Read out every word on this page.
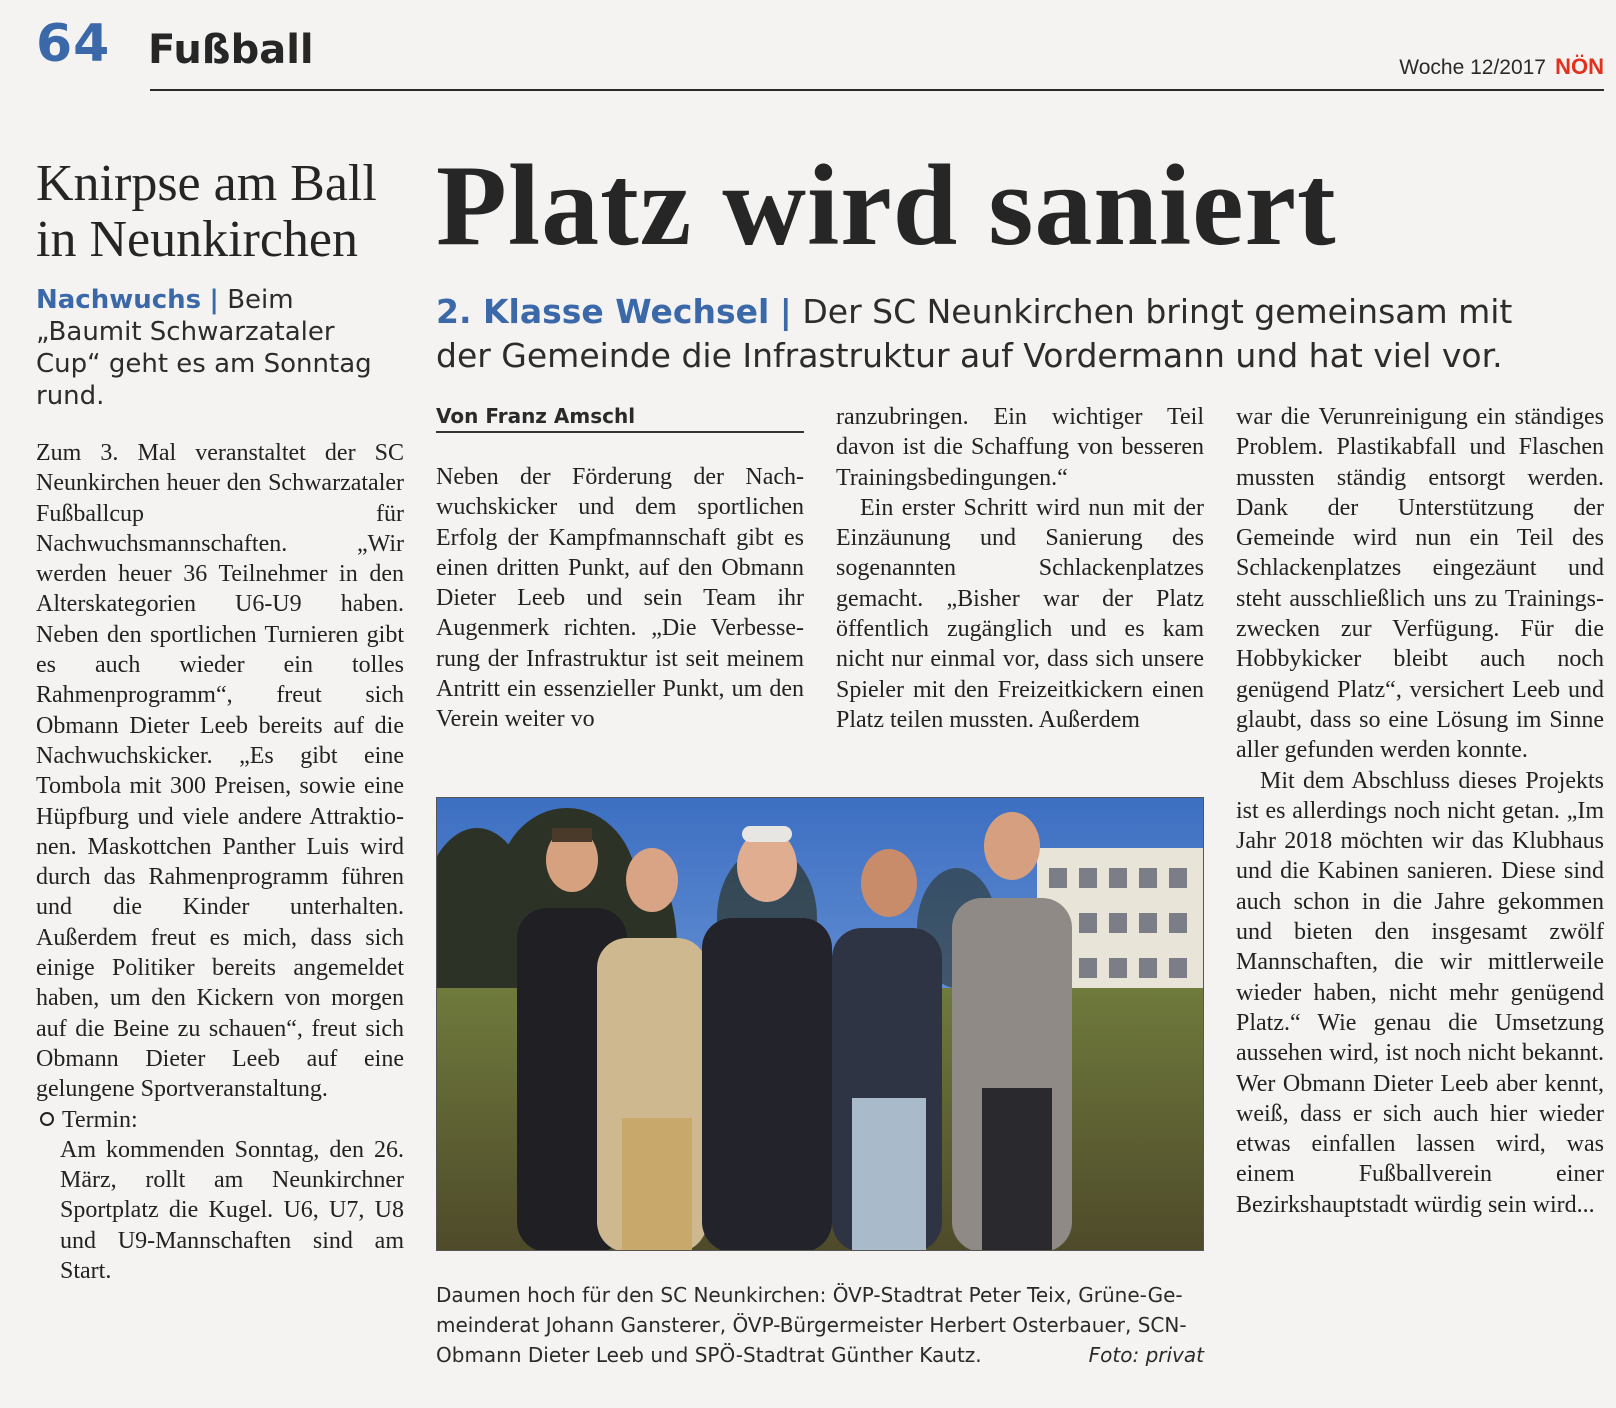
64 Fußball	Woche 12/2017 NÖN
Knirpse am Ball in Neunkirchen

Nachwuchs | Beim „Baumit Schwarzataler Cup“ geht es am Sonntag rund.

Zum 3. Mal veranstaltet der SC Neunkirchen heuer den Schwarzataler Fußballcup für Nachwuchsmannschaften. „Wir werden heuer 36 Teilnehmer in den Alterskategorien U6-U9 haben. Neben den sportlichen Turnieren gibt es auch wieder ein tolles Rahmenprogramm“, freut sich Obmann Dieter Leeb bereits auf die Nachwuchskicker. „Es gibt eine Tombola mit 300 Preisen, sowie eine Hüpfburg und viele andere Attraktionen. Maskottchen Panther Luis wird durch das Rahmenprogramm führen und die Kinder unterhalten. Außerdem freut es mich, dass sich einige Politiker bereits angemeldet haben, um den Kickern von morgen auf die Beine zu schauen“, freut sich Obmann Dieter Leeb auf eine gelungene Sportveranstaltung.

Termin:

Am kommenden Sonntag, den 26. März, rollt am Neunkirchner Sportplatz die Kugel. U6, U7, U8 und U9-Mannschaften sind am Start.

Platz wird saniert

2. Klasse Wechsel | Der SC Neunkirchen bringt gemeinsam mit der Gemeinde die Infrastruktur auf Vordermann und hat viel vor.

Von Franz Amschl

Neben der Förderung der Nachwuchskicker und dem sportlichen Erfolg der Kampfmannschaft gibt es einen dritten Punkt, auf den Obmann Dieter Leeb und sein Team ihr Augenmerk richten. „Die Verbesserung der Infrastruktur ist seit meinem Antritt ein essenzieller Punkt, um den Verein weiter vo

ranzubringen. Ein wichtiger Teil davon ist die Schaffung von besseren Trainingsbedingungen.“

Ein erster Schritt wird nun mit der Einzäunung und Sanierung des sogenannten Schlackenplatzes gemacht. „Bisher war der Platz öffentlich zugänglich und es kam nicht nur einmal vor, dass sich unsere Spieler mit den Freizeitkickern einen Platz teilen mussten. Außerdem

war die Verunreinigung ein ständiges Problem. Plastikabfall und Flaschen mussten ständig entsorgt werden. Dank der Unterstützung der Gemeinde wird nun ein Teil des Schlackenplatzes eingezäunt und steht ausschließlich uns zu Trainingszwecken zur Verfügung. Für die Hobbykicker bleibt auch noch genügend Platz“, versichert Leeb und glaubt, dass so eine Lösung im Sinne aller gefunden werden konnte.

Mit dem Abschluss dieses Projekts ist es allerdings noch nicht getan. „Im Jahr 2018 möchten wir das Klubhaus und die Kabinen sanieren. Diese sind auch schon in die Jahre gekommen und bieten den insgesamt zwölf Mannschaften, die wir mittlerweile wieder haben, nicht mehr genügend Platz.“ Wie genau die Umsetzung aussehen wird, ist noch nicht bekannt. Wer Obmann Dieter Leeb aber kennt, weiß, dass er sich auch hier wieder etwas einfallen lassen wird, was einem Fußballverein einer Bezirkshauptstadt würdig sein wird...

Daumen hoch für den SC Neunkirchen: ÖVP-Stadtrat Peter Teix, Grüne-Gemeinderat Johann Gansterer, ÖVP-Bürgermeister Herbert Osterbauer, SCN-Obmann Dieter Leeb und SPÖ-Stadtrat Günther Kautz.	Foto: privat
